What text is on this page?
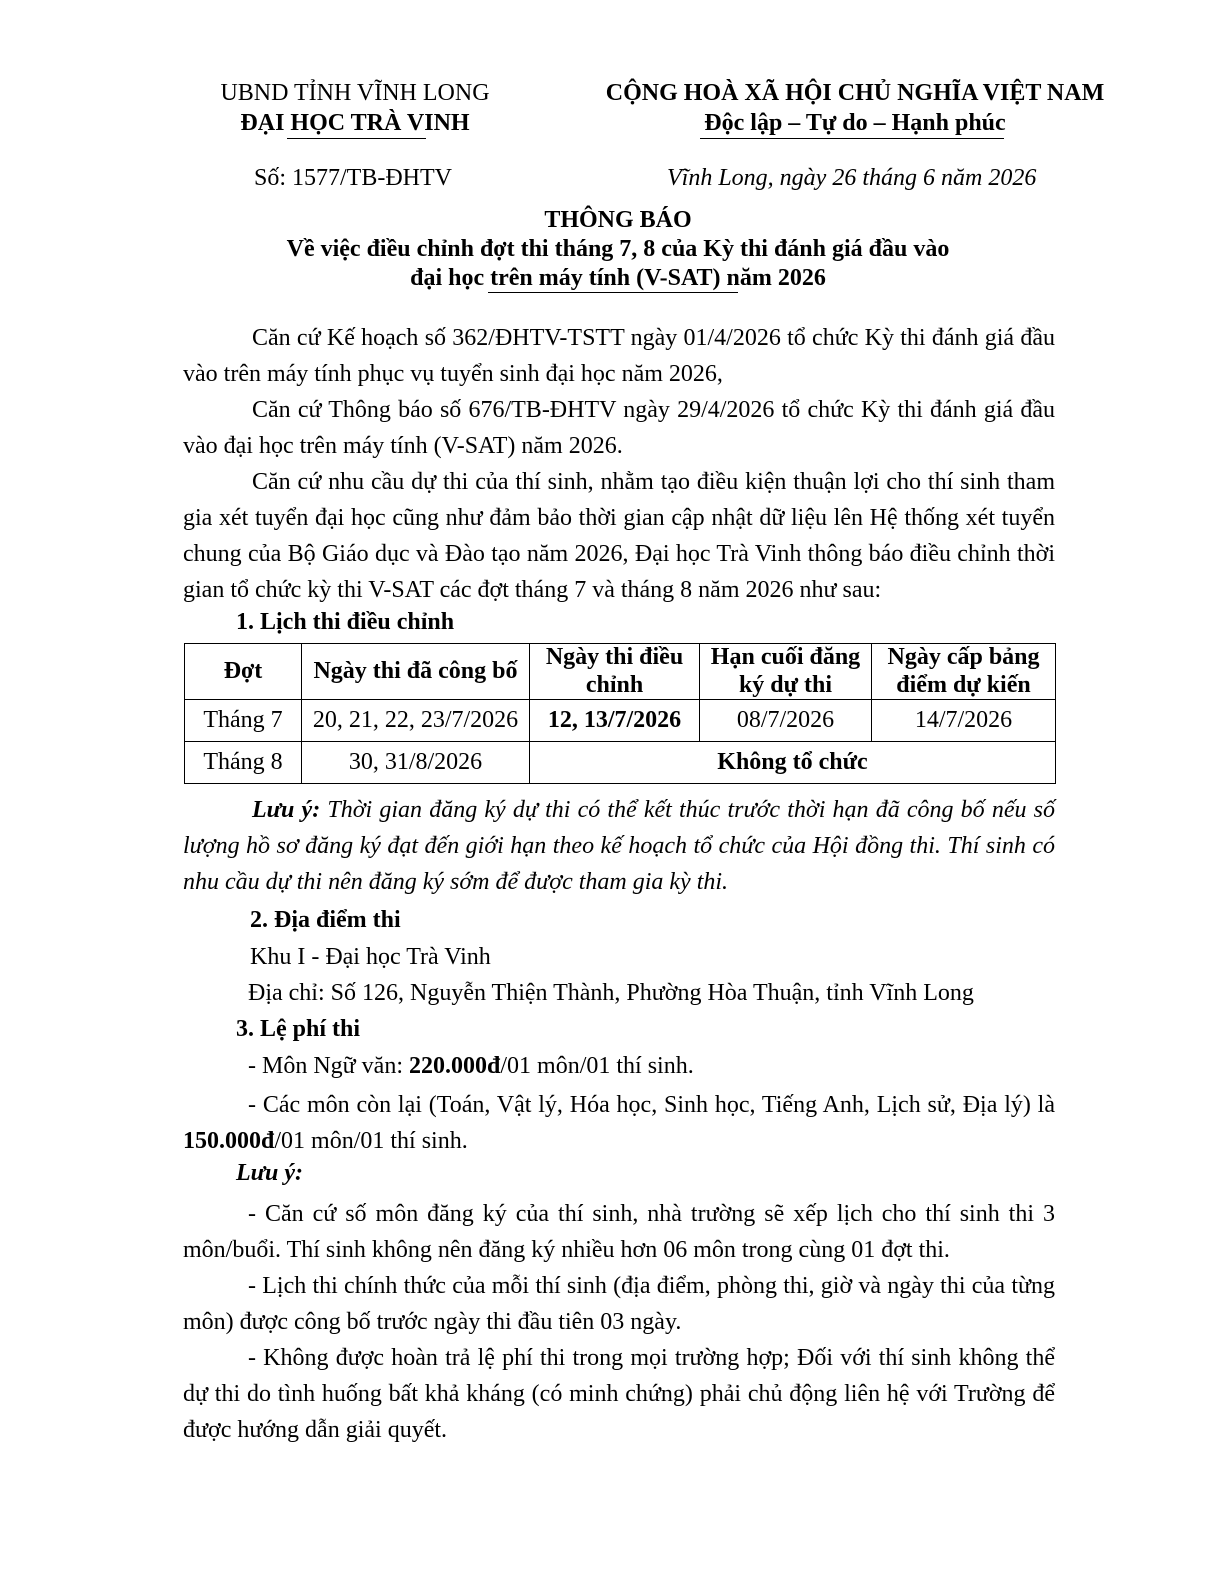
UBND TỈNH VĨNH LONG
ĐẠI HỌC TRÀ VINH
CỘNG HOÀ XÃ HỘI CHỦ NGHĨA VIỆT NAM
Độc lập – Tự do – Hạnh phúc
Số: 1577/TB-ĐHTV	Vĩnh Long, ngày 26 tháng 6 năm 2026
THÔNG BÁO
Về việc điều chỉnh đợt thi tháng 7, 8 của Kỳ thi đánh giá đầu vào
đại học trên máy tính (V-SAT) năm 2026

Căn cứ Kế hoạch số 362/ĐHTV-TSTT ngày 01/4/2026 tổ chức Kỳ thi đánh giá đầu vào trên máy tính phục vụ tuyển sinh đại học năm 2026,

Căn cứ Thông báo số 676/TB-ĐHTV ngày 29/4/2026 tổ chức Kỳ thi đánh giá đầu vào đại học trên máy tính (V-SAT) năm 2026.

Căn cứ nhu cầu dự thi của thí sinh, nhằm tạo điều kiện thuận lợi cho thí sinh tham gia xét tuyển đại học cũng như đảm bảo thời gian cập nhật dữ liệu lên Hệ thống xét tuyển chung của Bộ Giáo dục và Đào tạo năm 2026, Đại học Trà Vinh thông báo điều chỉnh thời gian tổ chức kỳ thi V-SAT các đợt tháng 7 và tháng 8 năm 2026 như sau:

1. Lịch thi điều chỉnh
Đợt	Ngày thi đã công bố	Ngày thi điều chỉnh	Hạn cuối đăng ký dự thi	Ngày cấp bảng điểm dự kiến
Tháng 7	20, 21, 22, 23/7/2026	12, 13/7/2026	08/7/2026	14/7/2026
Tháng 8	30, 31/8/2026	Không tổ chức		

Lưu ý: Thời gian đăng ký dự thi có thể kết thúc trước thời hạn đã công bố nếu số lượng hồ sơ đăng ký đạt đến giới hạn theo kế hoạch tổ chức của Hội đồng thi. Thí sinh có nhu cầu dự thi nên đăng ký sớm để được tham gia kỳ thi.

2. Địa điểm thi
Khu I - Đại học Trà Vinh
Địa chỉ: Số 126, Nguyễn Thiện Thành, Phường Hòa Thuận, tỉnh Vĩnh Long
3. Lệ phí thi
- Môn Ngữ văn: 220.000đ/01 môn/01 thí sinh.

- Các môn còn lại (Toán, Vật lý, Hóa học, Sinh học, Tiếng Anh, Lịch sử, Địa lý) là 150.000đ/01 môn/01 thí sinh.

Lưu ý:

- Căn cứ số môn đăng ký của thí sinh, nhà trường sẽ xếp lịch cho thí sinh thi 3 môn/buổi. Thí sinh không nên đăng ký nhiều hơn 06 môn trong cùng 01 đợt thi.

- Lịch thi chính thức của mỗi thí sinh (địa điểm, phòng thi, giờ và ngày thi của từng môn) được công bố trước ngày thi đầu tiên 03 ngày.

- Không được hoàn trả lệ phí thi trong mọi trường hợp; Đối với thí sinh không thể dự thi do tình huống bất khả kháng (có minh chứng) phải chủ động liên hệ với Trường để được hướng dẫn giải quyết.
